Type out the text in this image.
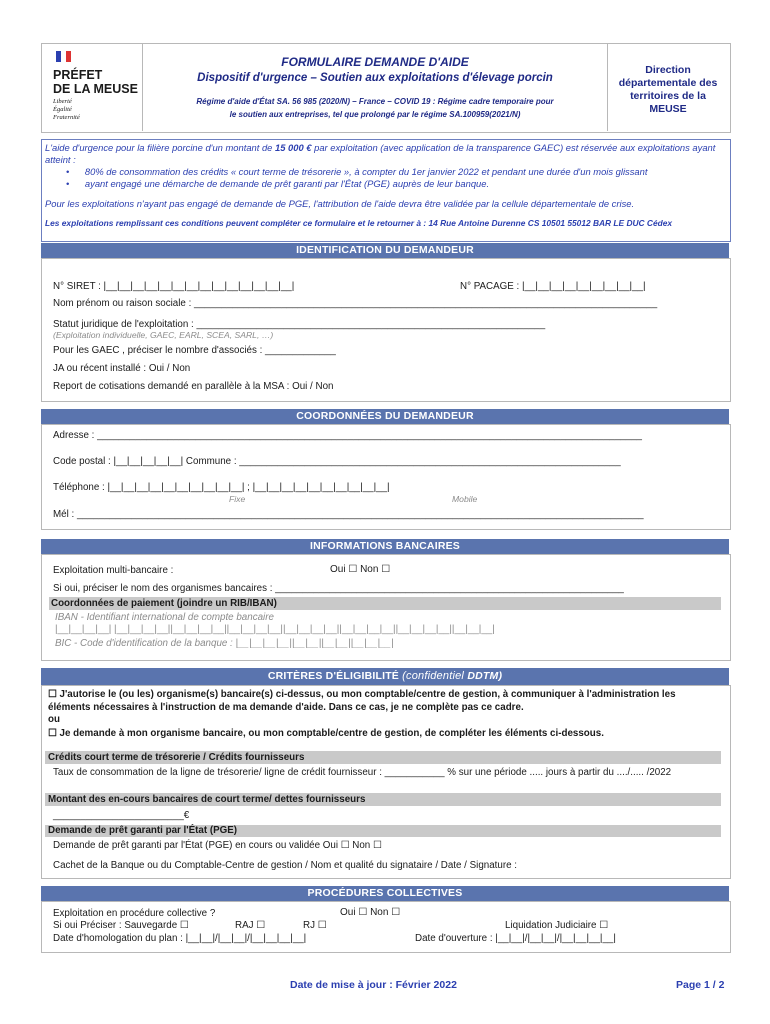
PRÉFET
DE LA MEUSE
Liberté
Égalité
Fraternité
FORMULAIRE DEMANDE D'AIDE
Dispositif d'urgence – Soutien aux exploitations d'élevage porcin
Régime d'aide d'État SA. 56 985 (2020/N) – France – COVID 19 : Régime cadre temporaire pour
le soutien aux entreprises, tel que prolongé par le régime SA.100959(2021/N)
Direction départementale des territoires de la MEUSE
L'aide d'urgence pour la filière porcine d'un montant de 15 000 € par exploitation (avec application de la transparence GAEC) est réservée aux exploitations ayant atteint :
•      80% de consommation des crédits « court terme de trésorerie », à compter du 1er janvier 2022 et pendant une durée d'un mois glissant
•      ayant engagé une démarche de demande de prêt garanti par l'État (PGE) auprès de leur banque.
Pour les exploitations n'ayant pas engagé de demande de PGE, l'attribution de l'aide devra être validée par la cellule départementale de crise.
Les exploitations remplissant ces conditions peuvent compléter ce formulaire et le retourner à : 14 Rue Antoine Durenne CS 10501 55012 BAR LE DUC Cédex
IDENTIFICATION DU DEMANDEUR
N° SIRET : |__|__|__|__|__|__|__|__|__|__|__|__|__|__|	N° PACAGE : |__|__|__|__|__|__|__|__|__|
Nom prénom ou raison sociale : _____________________________________________________________________________________
Statut juridique de l'exploitation : ________________________________________________________________
(Exploitation individuelle, GAEC, EARL, SCEA, SARL, …)
Pour les GAEC , préciser le nombre d'associés : _____________
JA ou récent installé : Oui / Non
Report de cotisations demandé en parallèle à la MSA : Oui / Non
COORDONNÉES DU DEMANDEUR
Adresse : ____________________________________________________________________________________________________
Code postal : |__|__|__|__|__| Commune : ______________________________________________________________________
Téléphone : |__|__|__|__|__|__|__|__|__|__| ; |__|__|__|__|__|__|__|__|__|__|
Fixe	Mobile
Mél : ________________________________________________________________________________________________________
INFORMATIONS BANCAIRES
Exploitation multi-bancaire :	Oui ☐ Non ☐
Si oui, préciser le nom des organismes bancaires : ________________________________________________________________
Coordonnées de paiement (joindre un RIB/IBAN)
IBAN - Identifiant international de compte bancaire
|__|__|__|__| |__|__|__|__||__|__|__|__||__|__|__|__||__|__|__|__||__|__|__|__||__|__|__|__||__|__|__|
BIC - Code d'identification de la banque : |__|__|__|__||__|__||__|__||__|__|__|
CRITÈRES D'ÉLIGIBILITÉ (confidentiel DDTM)
☐ J'autorise le (ou les) organisme(s) bancaire(s) ci-dessus, ou mon comptable/centre de gestion, à communiquer à l'administration les éléments nécessaires à l'instruction de ma demande d'aide. Dans ce cas, je ne complète pas ce cadre.
ou
☐ Je demande à mon organisme bancaire, ou mon comptable/centre de gestion, de compléter les éléments ci-dessous.
Crédits court terme de trésorerie / Crédits fournisseurs
Taux de consommation de la ligne de trésorerie/ ligne de crédit fournisseur : ___________ % sur une période ..... jours à partir du ..../..... /2022
Montant des en-cours bancaires de court terme/ dettes fournisseurs
________________________€
Demande de prêt garanti par l'État (PGE)
Demande de prêt garanti par l'État (PGE) en cours ou validée Oui ☐ Non ☐
Cachet de la Banque ou du Comptable-Centre de gestion / Nom et qualité du signataire / Date / Signature :
PROCÉDURES COLLECTIVES
Exploitation en procédure collective ?	Oui ☐ Non ☐
Si oui Préciser : Sauvegarde ☐	RAJ ☐	RJ ☐	Liquidation Judiciaire ☐
Date d'homologation du plan : |__|__|/|__|__|/|__|__|__|__|	Date d'ouverture : |__|__|/|__|__|/|__|__|__|__|
Date de mise à jour : Février 2022	Page 1 / 2
